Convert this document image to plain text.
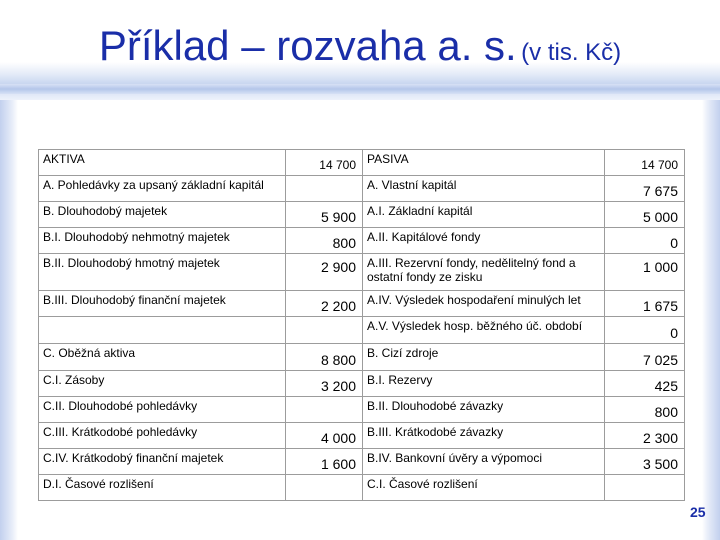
Příklad – rozvaha a. s. (v tis. Kč)
AKTIVA	14 700	PASIVA	14 700
A. Pohledávky za upsaný základní kapitál		A. Vlastní kapitál	7 675
B. Dlouhodobý majetek	5 900	A.I. Základní kapitál	5 000
B.I. Dlouhodobý nehmotný majetek	800	A.II. Kapitálové fondy	0
B.II. Dlouhodobý hmotný majetek	2 900	A.III. Rezervní fondy, nedělitelný fond a ostatní fondy ze zisku	1 000
B.III. Dlouhodobý finanční majetek	2 200	A.IV. Výsledek hospodaření minulých let	1 675
		A.V. Výsledek hosp. běžného úč. období	0
C. Oběžná aktiva	8 800	B. Cizí zdroje	7 025
C.I. Zásoby	3 200	B.I. Rezervy	425
C.II. Dlouhodobé pohledávky		B.II. Dlouhodobé závazky	800
C.III. Krátkodobé pohledávky	4 000	B.III. Krátkodobé závazky	2 300
C.IV. Krátkodobý finanční majetek	1 600	B.IV. Bankovní úvěry a výpomoci	3 500
D.I. Časové rozlišení		C.I. Časové rozlišení	
25
